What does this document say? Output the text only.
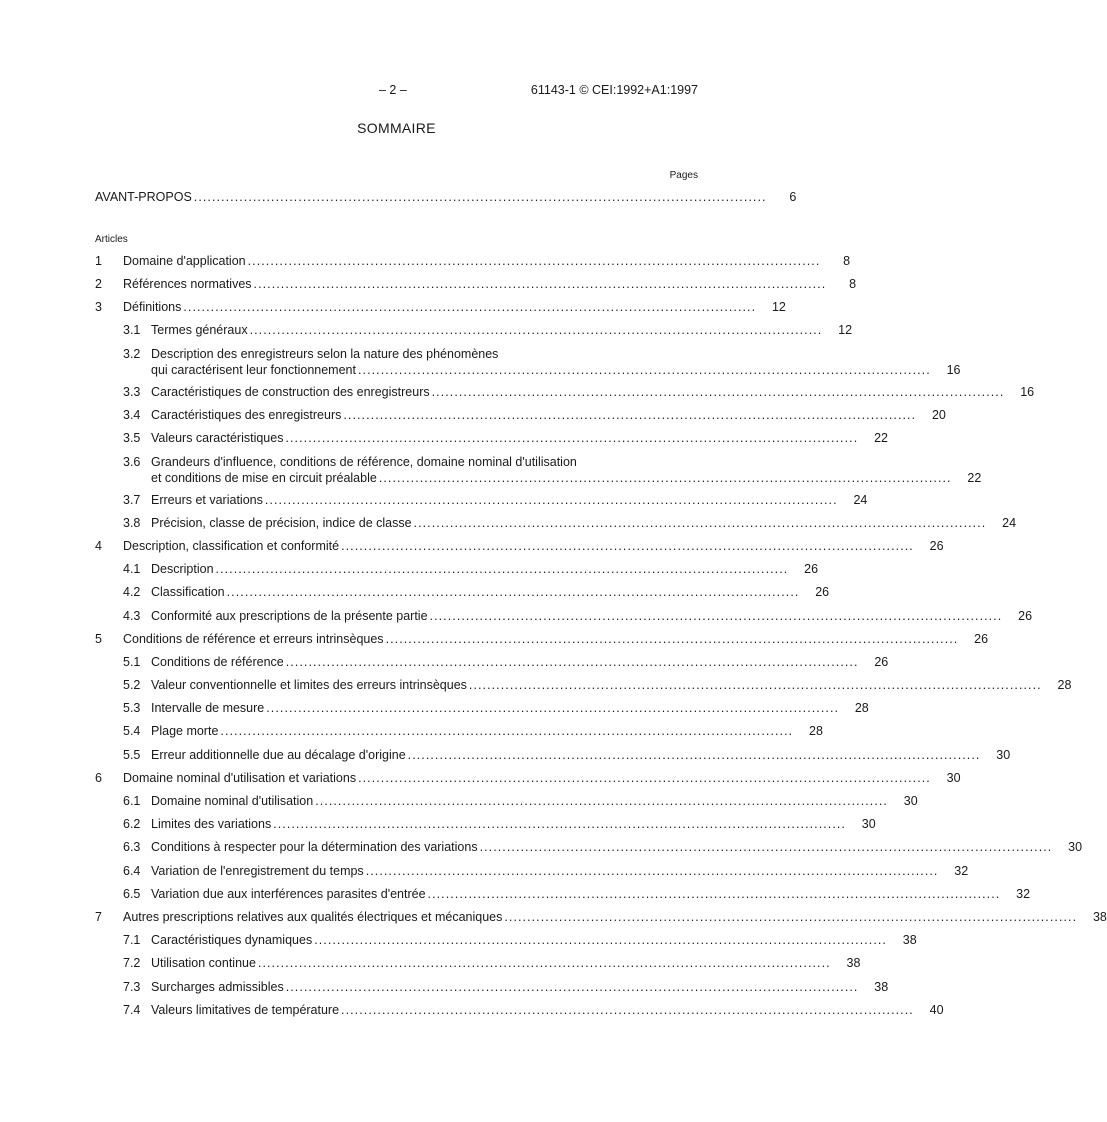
– 2 –	61143-1 © CEI:1992+A1:1997
SOMMAIRE
Pages
AVANT-PROPOS . . .	6
Articles
1	Domaine d'application . . .	8
2	Références normatives . . .	8
3	Définitions . . .	12
3.1 Termes généraux . . .	12
3.2 Description des enregistreurs selon la nature des phénomènes
qui caractérisent leur fonctionnement . . .	16
3.3 Caractéristiques de construction des enregistreurs . . .	16
3.4 Caractéristiques des enregistreurs . . .	20
3.5 Valeurs caractéristiques . . .	22
3.6 Grandeurs d'influence, conditions de référence, domaine nominal d'utilisation
et conditions de mise en circuit préalable . . .	22
3.7 Erreurs et variations . . .	24
3.8 Précision, classe de précision, indice de classe . . .	24
4	Description, classification et conformité . . .	26
4.1 Description . . .	26
4.2 Classification . . .	26
4.3 Conformité aux prescriptions de la présente partie . . .	26
5	Conditions de référence et erreurs intrinsèques . . .	26
5.1 Conditions de référence . . .	26
5.2 Valeur conventionnelle et limites des erreurs intrinsèques . . .	28
5.3 Intervalle de mesure . . .	28
5.4 Plage morte . . .	28
5.5 Erreur additionnelle due au décalage d'origine . . .	30
6	Domaine nominal d'utilisation et variations . . .	30
6.1 Domaine nominal d'utilisation . . .	30
6.2 Limites des variations . . .	30
6.3 Conditions à respecter pour la détermination des variations . . .	30
6.4 Variation de l'enregistrement du temps . . .	32
6.5 Variation due aux interférences parasites d'entrée . . .	32
7	Autres prescriptions relatives aux qualités électriques et mécaniques . . .	38
7.1 Caractéristiques dynamiques . . .	38
7.2 Utilisation continue . . .	38
7.3 Surcharges admissibles . . .	38
7.4 Valeurs limitatives de température . . .	40
